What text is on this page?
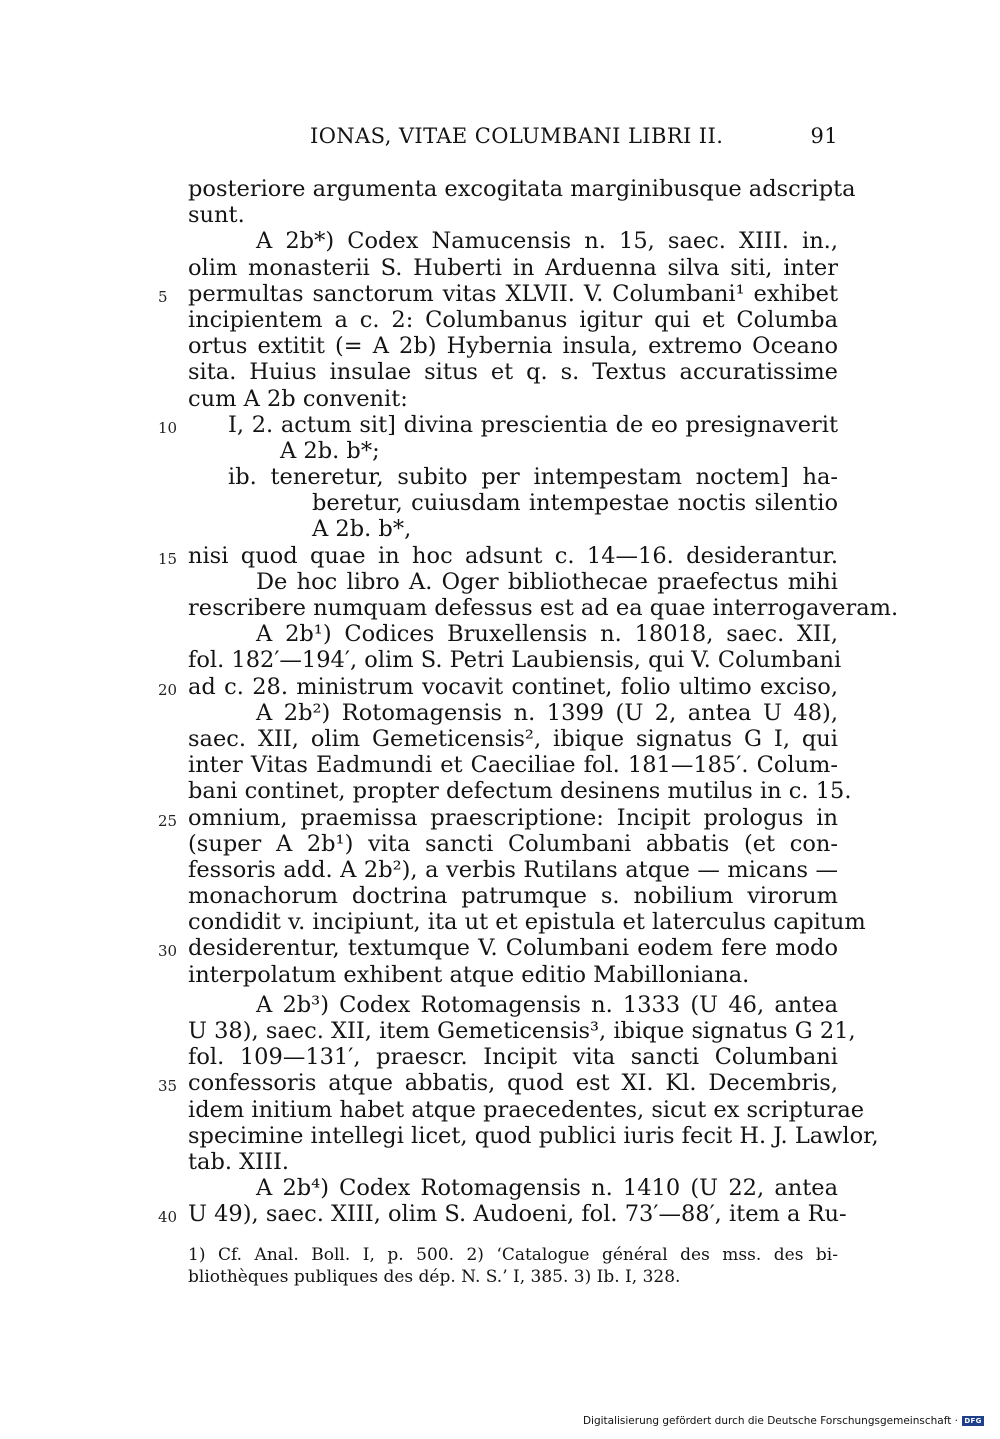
IONAS, VITAE COLUMBANI LIBRI II.	91
posteriore argumenta excogitata marginibusque adscripta
sunt.
A 2b*) Codex Namucensis n. 15, saec. XIII. in.,
olim monasterii S. Huberti in Arduenna silva siti, inter
5 permultas sanctorum vitas XLVII. V. Columbani¹ exhibet
incipientem a c. 2: Columbanus igitur qui et Columba
ortus extitit (= A 2b) Hybernia insula, extremo Oceano
sita. Huius insulae situs et q. s. Textus accuratissime
cum A 2b convenit:
10 I, 2. actum sit] divina prescientia de eo presignaverit
A 2b. b*;
ib. teneretur, subito per intempestam noctem] ha-
beretur, cuiusdam intempestae noctis silentio
A 2b. b*,
15 nisi quod quae in hoc adsunt c. 14—16. desiderantur.
De hoc libro A. Oger bibliothecae praefectus mihi
rescribere numquam defessus est ad ea quae interrogaveram.
A 2b¹) Codices Bruxellensis n. 18018, saec. XII,
fol. 182′—194′, olim S. Petri Laubiensis, qui V. Columbani
20 ad c. 28. ministrum vocavit continet, folio ultimo exciso,
A 2b²) Rotomagensis n. 1399 (U 2, antea U 48),
saec. XII, olim Gemeticensis², ibique signatus G I, qui
inter Vitas Eadmundi et Caeciliae fol. 181—185′. Colum-
bani continet, propter defectum desinens mutilus in c. 15.
25 omnium, praemissa praescriptione: Incipit prologus in
(super A 2b¹) vita sancti Columbani abbatis (et con-
fessoris add. A 2b²), a verbis Rutilans atque — micans —
monachorum doctrina patrumque s. nobilium virorum
condidit v. incipiunt, ita ut et epistula et laterculus capitum
30 desiderentur, textumque V. Columbani eodem fere modo
interpolatum exhibent atque editio Mabilloniana.
A 2b³) Codex Rotomagensis n. 1333 (U 46, antea
U 38), saec. XII, item Gemeticensis³, ibique signatus G 21,
fol. 109—131′, praescr. Incipit vita sancti Columbani
35 confessoris atque abbatis, quod est XI. Kl. Decembris,
idem initium habet atque praecedentes, sicut ex scripturae
specimine intellegi licet, quod publici iuris fecit H. J. Lawlor,
tab. XIII.
A 2b⁴) Codex Rotomagensis n. 1410 (U 22, antea
40 U 49), saec. XIII, olim S. Audoeni, fol. 73′—88′, item a Ru-
1) Cf. Anal. Boll. I, p. 500. 2) ‘Catalogue général des mss. des bi-
bliothèques publiques des dép. N. S.’ I, 385. 3) Ib. I, 328.
Digitalisierung gefördert durch die Deutsche Forschungsgemeinschaft · DFG
